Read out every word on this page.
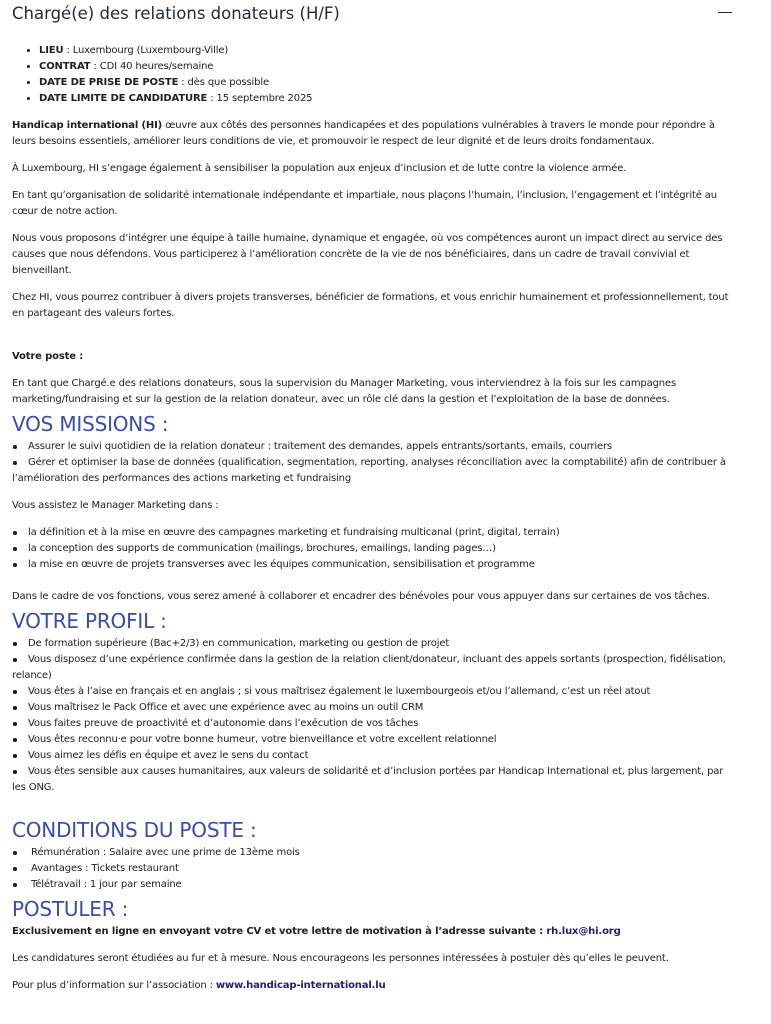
Chargé(e) des relations donateurs (H/F)
• LIEU : Luxembourg (Luxembourg-Ville)
• CONTRAT : CDI 40 heures/semaine
• DATE DE PRISE DE POSTE : dès que possible
• DATE LIMITE DE CANDIDATURE : 15 septembre 2025

Handicap international (HI) œuvre aux côtés des personnes handicapées et des populations vulnérables à travers le monde pour répondre à leurs besoins essentiels, améliorer leurs conditions de vie, et promouvoir le respect de leur dignité et de leurs droits fondamentaux.

À Luxembourg, HI s’engage également à sensibiliser la population aux enjeux d’inclusion et de lutte contre la violence armée.

En tant qu’organisation de solidarité internationale indépendante et impartiale, nous plaçons l’humain, l’inclusion, l’engagement et l’intégrité au cœur de notre action.

Nous vous proposons d’intégrer une équipe à taille humaine, dynamique et engagée, où vos compétences auront un impact direct au service des causes que nous défendons. Vous participerez à l’amélioration concrète de la vie de nos bénéficiaires, dans un cadre de travail convivial et bienveillant.

Chez HI, vous pourrez contribuer à divers projets transverses, bénéficier de formations, et vous enrichir humainement et professionnellement, tout en partageant des valeurs fortes.

Votre poste :

En tant que Chargé.e des relations donateurs, sous la supervision du Manager Marketing, vous interviendrez à la fois sur les campagnes marketing/fundraising et sur la gestion de la relation donateur, avec un rôle clé dans la gestion et l’exploitation de la base de données.

VOS MISSIONS :
Assurer le suivi quotidien de la relation donateur : traitement des demandes, appels entrants/sortants, emails, courriers
Gérer et optimiser la base de données (qualification, segmentation, reporting, analyses réconciliation avec la comptabilité) afin de contribuer à l’amélioration des performances des actions marketing et fundraising

Vous assistez le Manager Marketing dans :

la définition et à la mise en œuvre des campagnes marketing et fundraising multicanal (print, digital, terrain)
la conception des supports de communication (mailings, brochures, emailings, landing pages…)
la mise en œuvre de projets transverses avec les équipes communication, sensibilisation et programme

Dans le cadre de vos fonctions, vous serez amené à collaborer et encadrer des bénévoles pour vous appuyer dans sur certaines de vos tâches.

VOTRE PROFIL :
De formation supérieure (Bac+2/3) en communication, marketing ou gestion de projet
Vous disposez d’une expérience confirmée dans la gestion de la relation client/donateur, incluant des appels sortants (prospection, fidélisation, relance)
Vous êtes à l’aise en français et en anglais ; si vous maîtrisez également le luxembourgeois et/ou l’allemand, c’est un réel atout
Vous maîtrisez le Pack Office et avec une expérience avec au moins un outil CRM
Vous faites preuve de proactivité et d’autonomie dans l’exécution de vos tâches
Vous êtes reconnu·e pour votre bonne humeur, votre bienveillance et votre excellent relationnel
Vous aimez les défis en équipe et avez le sens du contact
Vous êtes sensible aux causes humanitaires, aux valeurs de solidarité et d’inclusion portées par Handicap International et, plus largement, par les ONG.
CONDITIONS DU POSTE :
Rémunération : Salaire avec une prime de 13ème mois
Avantages : Tickets restaurant
Télétravail : 1 jour par semaine
POSTULER :

Exclusivement en ligne en envoyant votre CV et votre lettre de motivation à l’adresse suivante : rh.lux@hi.org

Les candidatures seront étudiées au fur et à mesure. Nous encourageons les personnes intéressées à postuler dès qu’elles le peuvent.

Pour plus d’information sur l’association : www.handicap-international.lu
